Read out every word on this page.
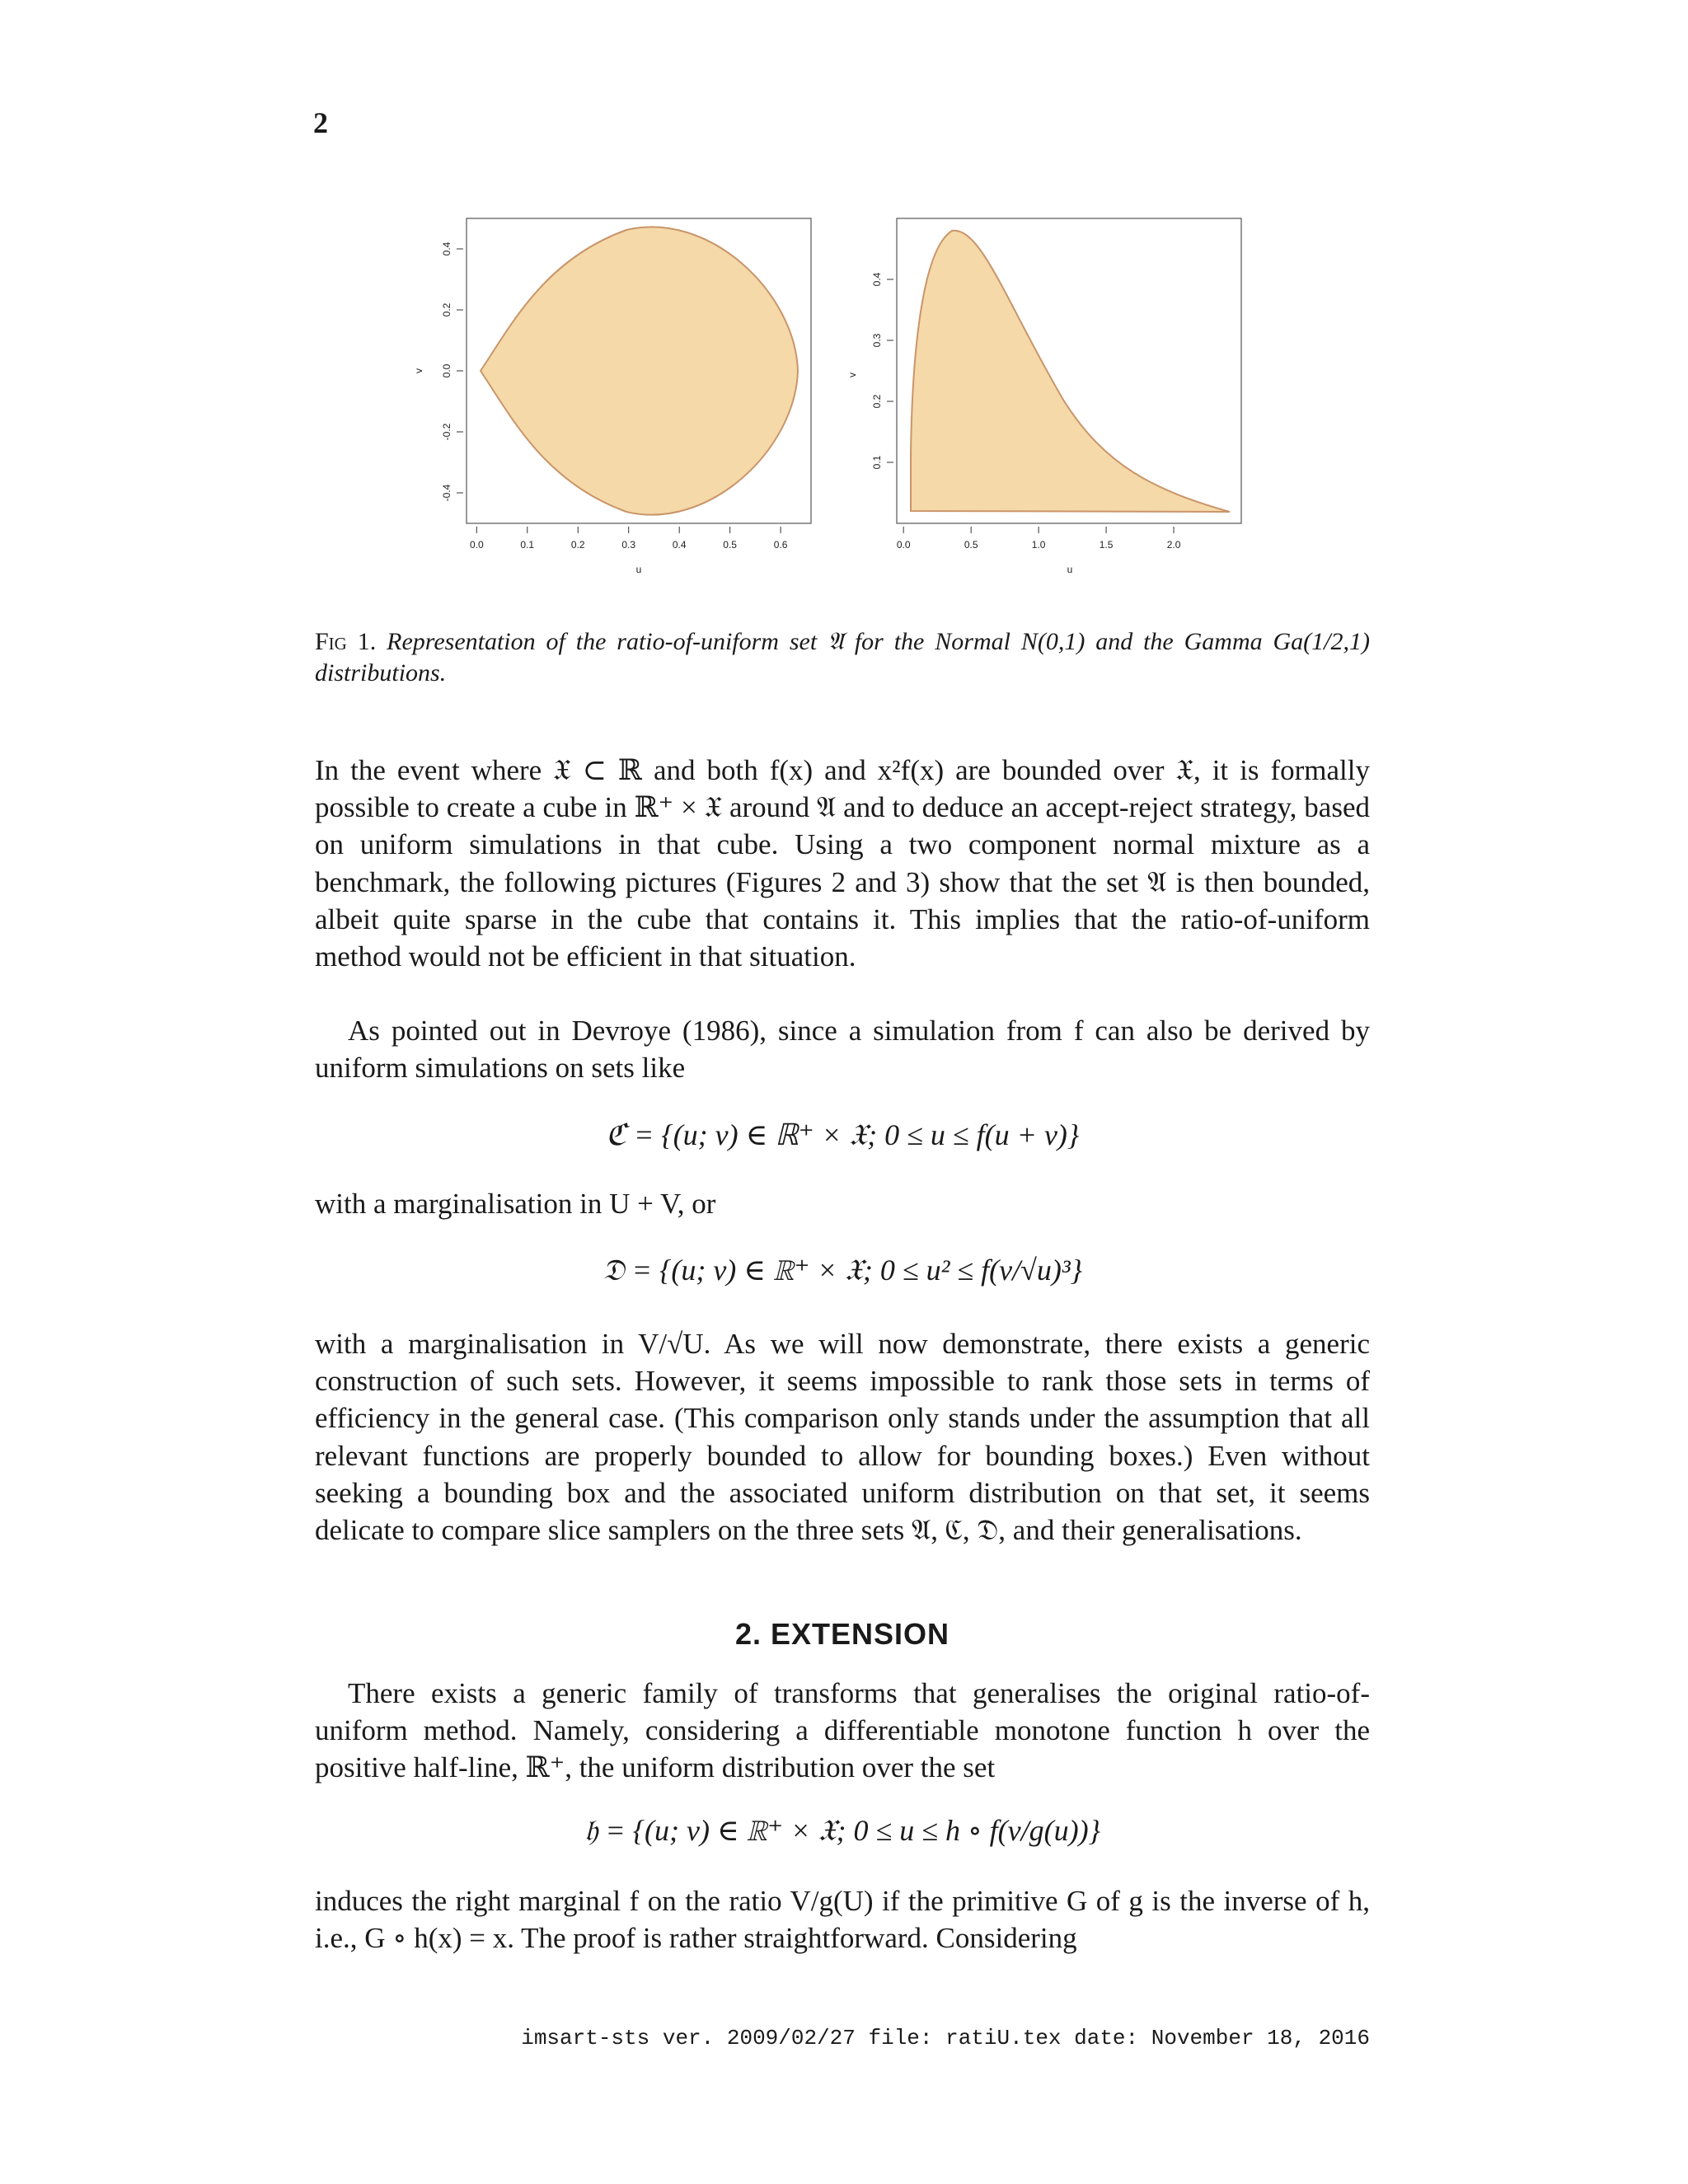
2
0.0	0.1	0.2	0.3	0.4	0.5	0.6
-0.4
-0.2
0.0
0.2
0.4
u
v
0.0	0.5	1.0	1.5	2.0
0.1
0.2
0.3
0.4
u
v
Fig 1. Representation of the ratio-of-uniform set 𝔄 for the Normal N(0,1) and the Gamma Ga(1/2,1) distributions.
In the event where 𝔛 ⊂ ℝ and both f(x) and x²f(x) are bounded over 𝔛, it is formally possible to create a cube in ℝ⁺ × 𝔛 around 𝔄 and to deduce an accept-reject strategy, based on uniform simulations in that cube. Using a two component normal mixture as a benchmark, the following pictures (Figures 2 and 3) show that the set 𝔄 is then bounded, albeit quite sparse in the cube that contains it. This implies that the ratio-of-uniform method would not be efficient in that situation.
As pointed out in Devroye (1986), since a simulation from f can also be derived by uniform simulations on sets like
ℭ = {(u; v) ∈ ℝ⁺ × 𝔛; 0 ≤ u ≤ f(u + v)}
with a marginalisation in U + V, or
𝔇 = {(u; v) ∈ ℝ⁺ × 𝔛; 0 ≤ u² ≤ f(v/√u)³}
with a marginalisation in V/√U. As we will now demonstrate, there exists a generic construction of such sets. However, it seems impossible to rank those sets in terms of efficiency in the general case. (This comparison only stands under the assumption that all relevant functions are properly bounded to allow for bounding boxes.) Even without seeking a bounding box and the associated uniform distribution on that set, it seems delicate to compare slice samplers on the three sets 𝔄, ℭ, 𝔇, and their generalisations.
2. EXTENSION
There exists a generic family of transforms that generalises the original ratio-of- uniform method. Namely, considering a differentiable monotone function h over the positive half-line, ℝ⁺, the uniform distribution over the set
𝔥 = {(u; v) ∈ ℝ⁺ × 𝔛; 0 ≤ u ≤ h ∘ f(v/g(u))}
induces the right marginal f on the ratio V/g(U) if the primitive G of g is the inverse of h, i.e., G ∘ h(x) = x. The proof is rather straightforward. Considering
imsart-sts ver. 2009/02/27 file: ratiU.tex date: November 18, 2016
